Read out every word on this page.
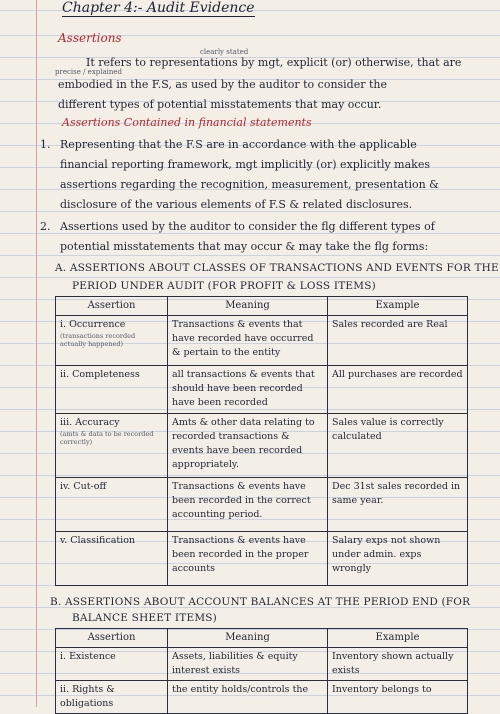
Chapter 4:- Audit Evidence
Assertions
clearly stated
precise / explained
It refers to representations by mgt, explicit (or) otherwise, that are
embodied in the F.S, as used by the auditor to consider the
different types of potential misstatements that may occur.
Assertions Contained in financial statements
1. Representing that the F.S are in accordance with the applicable
financial reporting framework, mgt implicitly (or) explicitly makes
assertions regarding the recognition, measurement, presentation &
disclosure of the various elements of F.S & related disclosures.
2. Assertions used by the auditor to consider the flg different types of
potential misstatements that may occur & may take the flg forms:
A. ASSERTIONS ABOUT CLASSES OF TRANSACTIONS AND EVENTS FOR THE
PERIOD UNDER AUDIT (FOR PROFIT & LOSS ITEMS)
Assertion	Meaning	Example
i. Occurrence
(transactions recorded actually happened)	Transactions & events that have recorded have occurred & pertain to the entity	Sales recorded are Real
ii. Completeness	all transactions & events that should have been recorded have been recorded	All purchases are recorded
iii. Accuracy
(amts & data to be recorded correctly)	Amts & other data relating to recorded transactions & events have been recorded appropriately.	Sales value is correctly calculated
iv. Cut-off	Transactions & events have been recorded in the correct accounting period.	Dec 31st sales recorded in same year.
v. Classification	Transactions & events have been recorded in the proper accounts	Salary exps not shown under admin. exps wrongly
B. ASSERTIONS ABOUT ACCOUNT BALANCES AT THE PERIOD END (FOR
BALANCE SHEET ITEMS)
Assertion	Meaning	Example
i. Existence	Assets, liabilities & equity interest exists	Inventory shown actually exists
ii. Rights & obligations	the entity holds/controls the	Inventory belongs to
